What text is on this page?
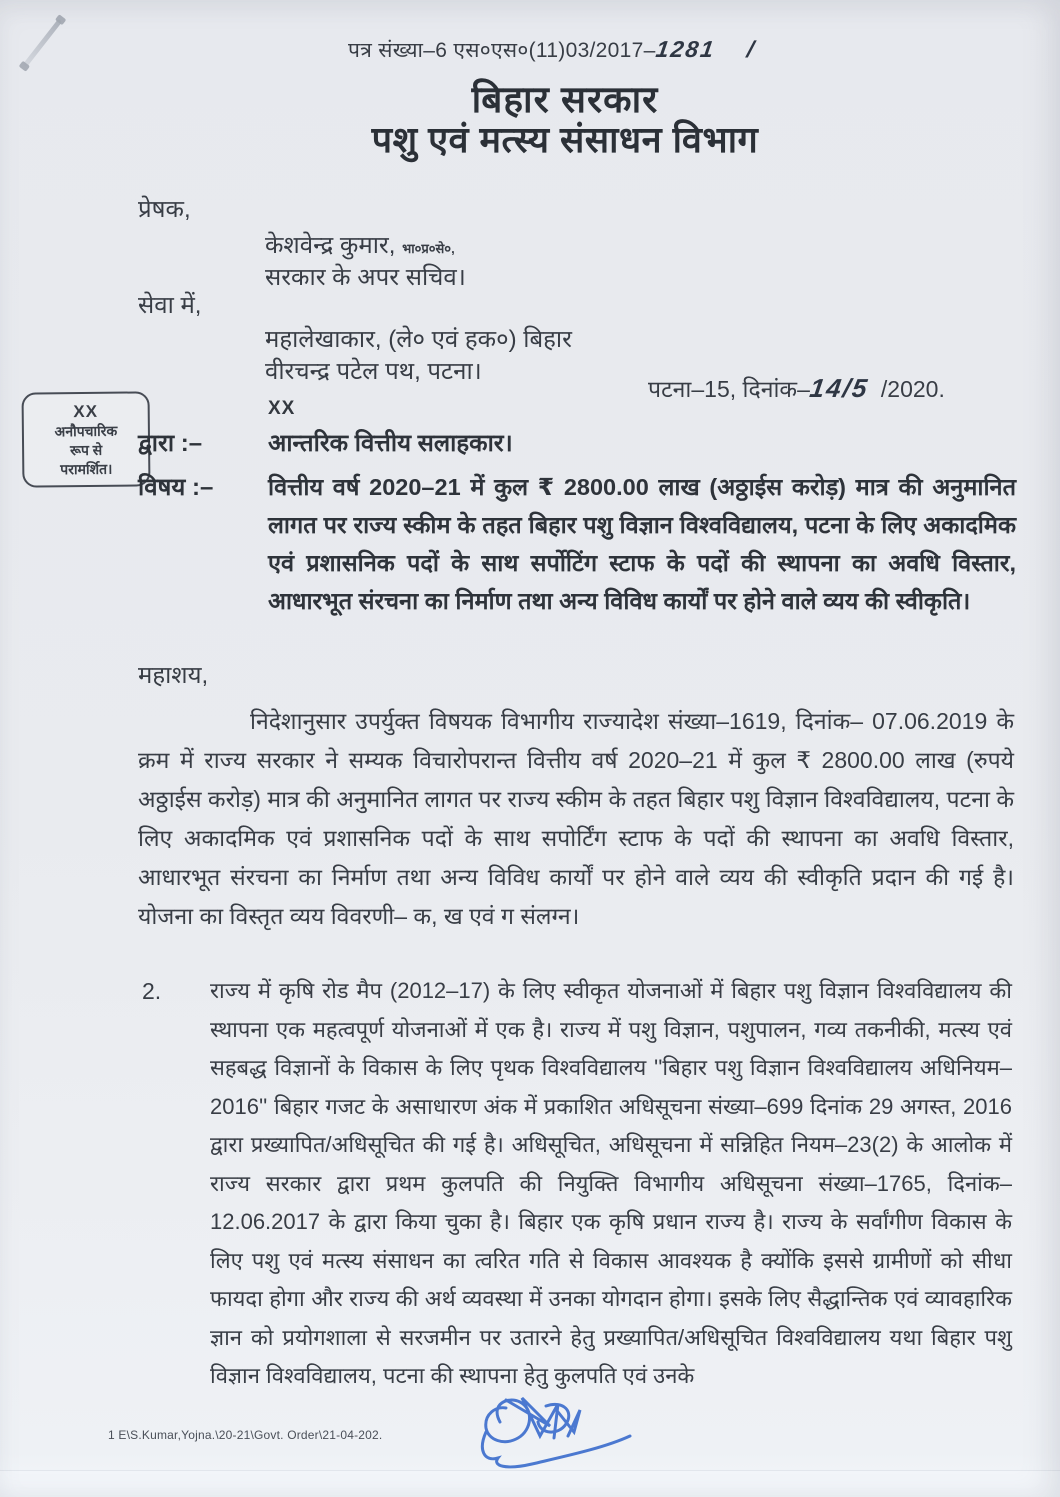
पत्र संख्या–6 एस०एस०(11)03/2017–1281 /
बिहार सरकार
पशु एवं मत्स्य संसाधन विभाग
प्रेषक,
केशवेन्द्र कुमार, भा०प्र०से०,
सरकार के अपर सचिव।
सेवा में,
महालेखाकार, (ले० एवं हक०) बिहार
वीरचन्द्र पटेल पथ, पटना।
पटना–15, दिनांक–14/5 /2020.
XX
अनौपचारिक
रूप से
परामर्शित।
XX
द्वारा :–	आन्तरिक वित्तीय सलाहकार।
विषय :– वित्तीय वर्ष 2020–21 में कुल ₹ 2800.00 लाख (अठ्ठाईस करोड़) मात्र की अनुमानित लागत पर राज्य स्कीम के तहत बिहार पशु विज्ञान विश्वविद्यालय, पटना के लिए अकादमिक एवं प्रशासनिक पदों के साथ सर्पोटिंग स्टाफ के पदों की स्थापना का अवधि विस्तार, आधारभूत संरचना का निर्माण तथा अन्य विविध कार्यों पर होने वाले व्यय की स्वीकृति।
महाशय,
निदेशानुसार उपर्युक्त विषयक विभागीय राज्यादेश संख्या–1619, दिनांक– 07.06.2019 के क्रम में राज्य सरकार ने सम्यक विचारोपरान्त वित्तीय वर्ष 2020–21 में कुल ₹ 2800.00 लाख (रुपये अठ्ठाईस करोड़) मात्र की अनुमानित लागत पर राज्य स्कीम के तहत बिहार पशु विज्ञान विश्वविद्यालय, पटना के लिए अकादमिक एवं प्रशासनिक पदों के साथ सपोर्टिंग स्टाफ के पदों की स्थापना का अवधि विस्तार, आधारभूत संरचना का निर्माण तथा अन्य विविध कार्यों पर होने वाले व्यय की स्वीकृति प्रदान की गई है। योजना का विस्तृत व्यय विवरणी– क, ख एवं ग संलग्न।
2. राज्य में कृषि रोड मैप (2012–17) के लिए स्वीकृत योजनाओं में बिहार पशु विज्ञान विश्वविद्यालय की स्थापना एक महत्वपूर्ण योजनाओं में एक है। राज्य में पशु विज्ञान, पशुपालन, गव्य तकनीकी, मत्स्य एवं सहबद्ध विज्ञानों के विकास के लिए पृथक विश्वविद्यालय ''बिहार पशु विज्ञान विश्वविद्यालय अधिनियम–2016'' बिहार गजट के असाधारण अंक में प्रकाशित अधिसूचना संख्या–699 दिनांक 29 अगस्त, 2016 द्वारा प्रख्यापित/अधिसूचित की गई है। अधिसूचित, अधिसूचना में सन्निहित नियम–23(2) के आलोक में राज्य सरकार द्वारा प्रथम कुलपति की नियुक्ति विभागीय अधिसूचना संख्या–1765, दिनांक–12.06.2017 के द्वारा किया चुका है। बिहार एक कृषि प्रधान राज्य है। राज्य के सर्वांगीण विकास के लिए पशु एवं मत्स्य संसाधन का त्वरित गति से विकास आवश्यक है क्योंकि इससे ग्रामीणों को सीधा फायदा होगा और राज्य की अर्थ व्यवस्था में उनका योगदान होगा। इसके लिए सैद्धान्तिक एवं व्यावहारिक ज्ञान को प्रयोगशाला से सरजमीन पर उतारने हेतु प्रख्यापित/अधिसूचित विश्वविद्यालय यथा बिहार पशु विज्ञान विश्वविद्यालय, पटना की स्थापना हेतु कुलपति एवं उनके
1 E\S.Kumar,Yojna.\20-21\Govt. Order\21-04-202.
